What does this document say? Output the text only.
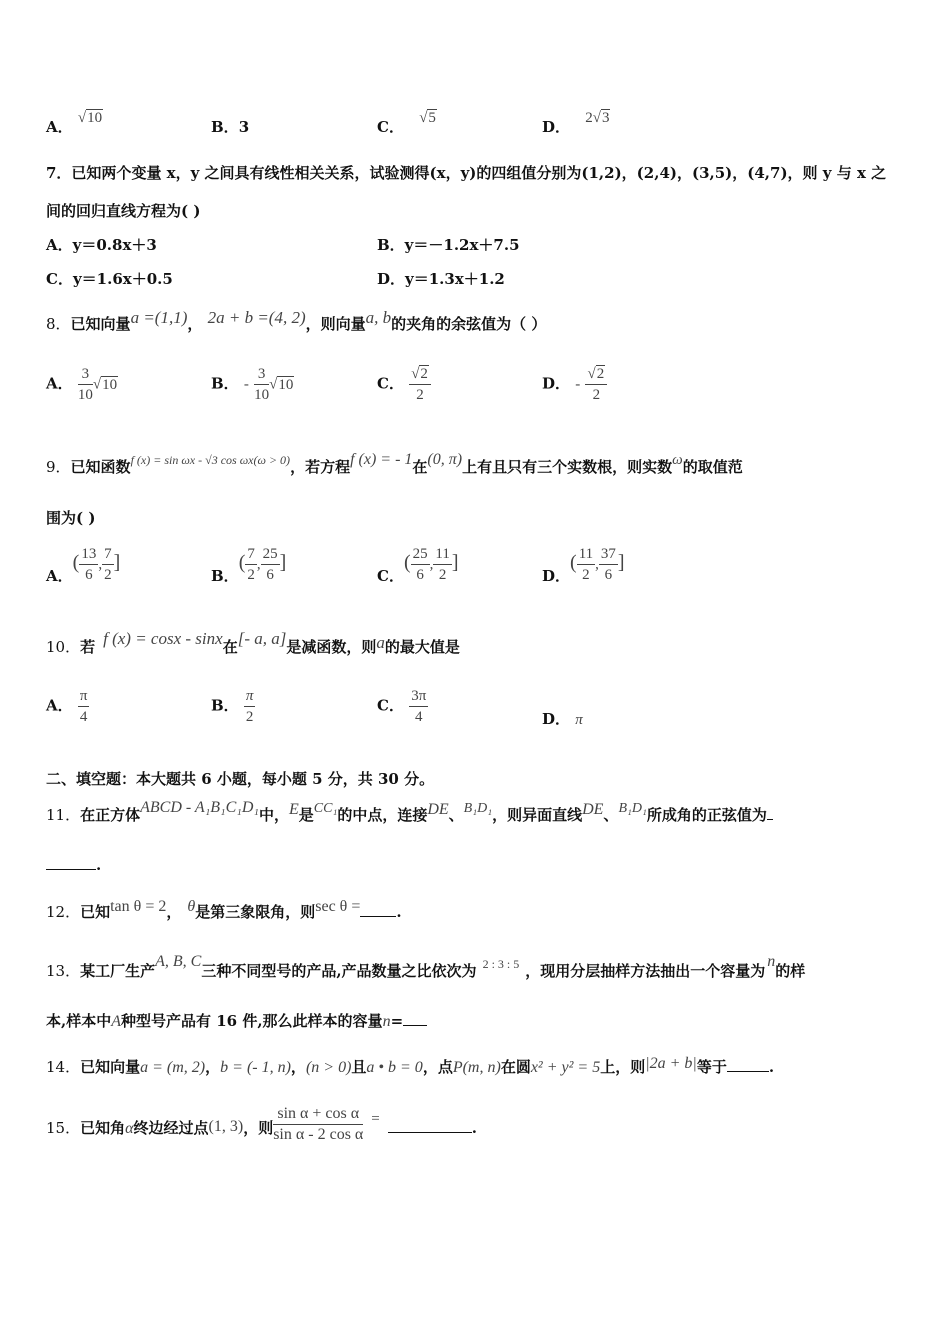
A． √10	B．3	C． √5	D． 2√3
7．已知两个变量 x，y 之间具有线性相关关系，试验测得(x，y)的四组值分别为(1,2)，(2,4)，(3,5)，(4,7)，则 y 与 x 之
间的回归直线方程为( )
A．y＝0.8x＋3	B．y＝－1.2x＋7.5
C．y＝1.6x＋0.5	D．y＝1.3x＋1.2
8．已知向量a =(1,1)， 2a + b =(4, 2)，则向量a, b的夹角的余弦值为（ ）
A． $\frac{3}{10} √10$	B． - $\frac{3}{10} √10$	C． $\frac{√2}{2}$	D． - $\frac{√2}{2}$
9．已知函数$^{f (x) = sin \omega x - √3 cos \omega x(\omega > 0)}$，若方程f (x) = - 1在(0, π)上有且只有三个实数根，则实数ω的取值范
围为( )
A．( $\frac{13}{6}$ , $\frac{7}{2}$ ]
B．( $\frac{7}{2}$ , $\frac{25}{6}$ ]
C．( $\frac{25}{6}$ , $\frac{11}{2}$ ]
D．( $\frac{11}{2}$ , $\frac{37}{6}$ ]
10．若 f (x) = cosx - sinx在[- a, a]是减函数，则a的最大值是
A． $\frac{\pi}{4}$	B． $\frac{\pi}{2}$	C． $\frac{3\pi}{4}$	D． π
二、填空题：本大题共 6 小题，每小题 5 分，共 30 分。
11．在正方体ABCD - A₁B₁C₁D₁中，E是CC₁的中点，连接DE、B₁D₁，则异面直线DE、B₁D₁所成角的正弦值为
.
12．已知tan θ = 2， θ是第三象限角，则sec θ = .
13．某工厂生产A, B, C三种不同型号的产品,产品数量之比依次为 $^{2 : 3 : 5}$ ，现用分层抽样方法抽出一个容量为n的样
本,样本中A种型号产品有 16 件,那么此样本的容量n=
14．已知向量a = (m, 2)，b = (- 1, n)，(n > 0)且a • b = 0，点P(m, n)在圆x² + y² = 5上，则|2a + b|等于	.
15．已知角α终边经过点(1, 3)，则 $\frac{\text{sin α + cos α}}{\text{sin α - 2 cos α}}$ =	.
